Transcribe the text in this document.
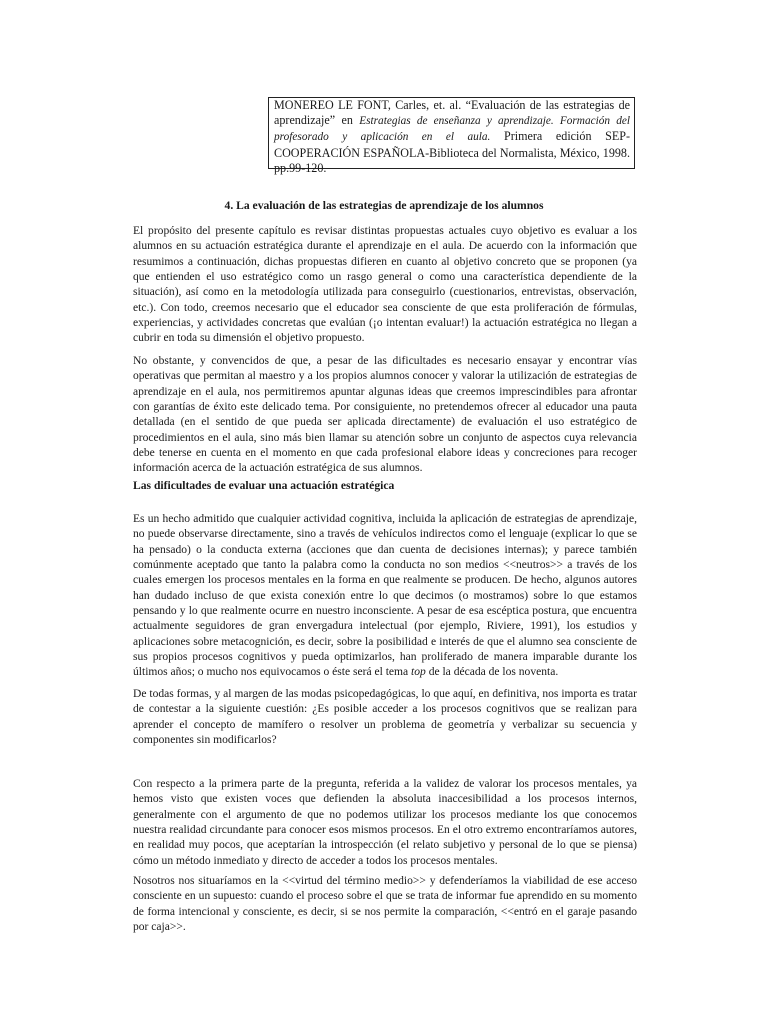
MONEREO LE FONT, Carles, et. al. “Evaluación de las estrategias de aprendizaje” en Estrategias de enseñanza y aprendizaje. Formación del profesorado y aplicación en el aula. Primera edición SEP-COOPERACIÓN ESPAÑOLA-Biblioteca del Normalista, México, 1998. pp.99-120.
4. La evaluación de las estrategias de aprendizaje de los alumnos

El propósito del presente capítulo es revisar distintas propuestas actuales cuyo objetivo es evaluar a los alumnos en su actuación estratégica durante el aprendizaje en el aula. De acuerdo con la información que resumimos a continuación, dichas propuestas difieren en cuanto al objetivo concreto que se proponen (ya que entienden el uso estratégico como un rasgo general o como una característica dependiente de la situación), así como en la metodología utilizada para conseguirlo (cuestionarios, entrevistas, observación, etc.). Con todo, creemos necesario que el educador sea consciente de que esta proliferación de fórmulas, experiencias, y actividades concretas que evalúan (¡o intentan evaluar!) la actuación estratégica no llegan a cubrir en toda su dimensión el objetivo propuesto.

No obstante, y convencidos de que, a pesar de las dificultades es necesario ensayar y encontrar vías operativas que permitan al maestro y a los propios alumnos conocer y valorar la utilización de estrategias de aprendizaje en el aula, nos permitiremos apuntar algunas ideas que creemos imprescindibles para afrontar con garantías de éxito este delicado tema. Por consiguiente, no pretendemos ofrecer al educador una pauta detallada (en el sentido de que pueda ser aplicada directamente) de evaluación el uso estratégico de procedimientos en el aula, sino más bien llamar su atención sobre un conjunto de aspectos cuya relevancia debe tenerse en cuenta en el momento en que cada profesional elabore ideas y concreciones para recoger información acerca de la actuación estratégica de sus alumnos.

Las dificultades de evaluar una actuación estratégica

Es un hecho admitido que cualquier actividad cognitiva, incluida la aplicación de estrategias de aprendizaje, no puede observarse directamente, sino a través de vehículos indirectos como el lenguaje (explicar lo que se ha pensado) o la conducta externa (acciones que dan cuenta de decisiones internas); y parece también comúnmente aceptado que tanto la palabra como la conducta no son medios <<neutros>> a través de los cuales emergen los procesos mentales en la forma en que realmente se producen. De hecho, algunos autores han dudado incluso de que exista conexión entre lo que decimos (o mostramos) sobre lo que estamos pensando y lo que realmente ocurre en nuestro inconsciente. A pesar de esa escéptica postura, que encuentra actualmente seguidores de gran envergadura intelectual (por ejemplo, Riviere, 1991), los estudios y aplicaciones sobre metacognición, es decir, sobre la posibilidad e interés de que el alumno sea consciente de sus propios procesos cognitivos y pueda optimizarlos, han proliferado de manera imparable durante los últimos años; o mucho nos equivocamos o éste será el tema top de la década de los noventa.

De todas formas, y al margen de las modas psicopedagógicas, lo que aquí, en definitiva, nos importa es tratar de contestar a la siguiente cuestión: ¿Es posible acceder a los procesos cognitivos que se realizan para aprender el concepto de mamífero o resolver un problema de geometría y verbalizar su secuencia y componentes sin modificarlos?

Con respecto a la primera parte de la pregunta, referida a la validez de valorar los procesos mentales, ya hemos visto que existen voces que defienden la absoluta inaccesibilidad a los procesos internos, generalmente con el argumento de que no podemos utilizar los procesos mediante los que conocemos nuestra realidad circundante para conocer esos mismos procesos. En el otro extremo encontraríamos autores, en realidad muy pocos, que aceptarían la introspección (el relato subjetivo y personal de lo que se piensa) cómo un método inmediato y directo de acceder a todos los procesos mentales.

Nosotros nos situaríamos en la <<virtud del término medio>> y defenderíamos la viabilidad de ese acceso consciente en un supuesto: cuando el proceso sobre el que se trata de informar fue aprendido en su momento de forma intencional y consciente, es decir, si se nos permite la comparación, <<entró en el garaje pasando por caja>>.
